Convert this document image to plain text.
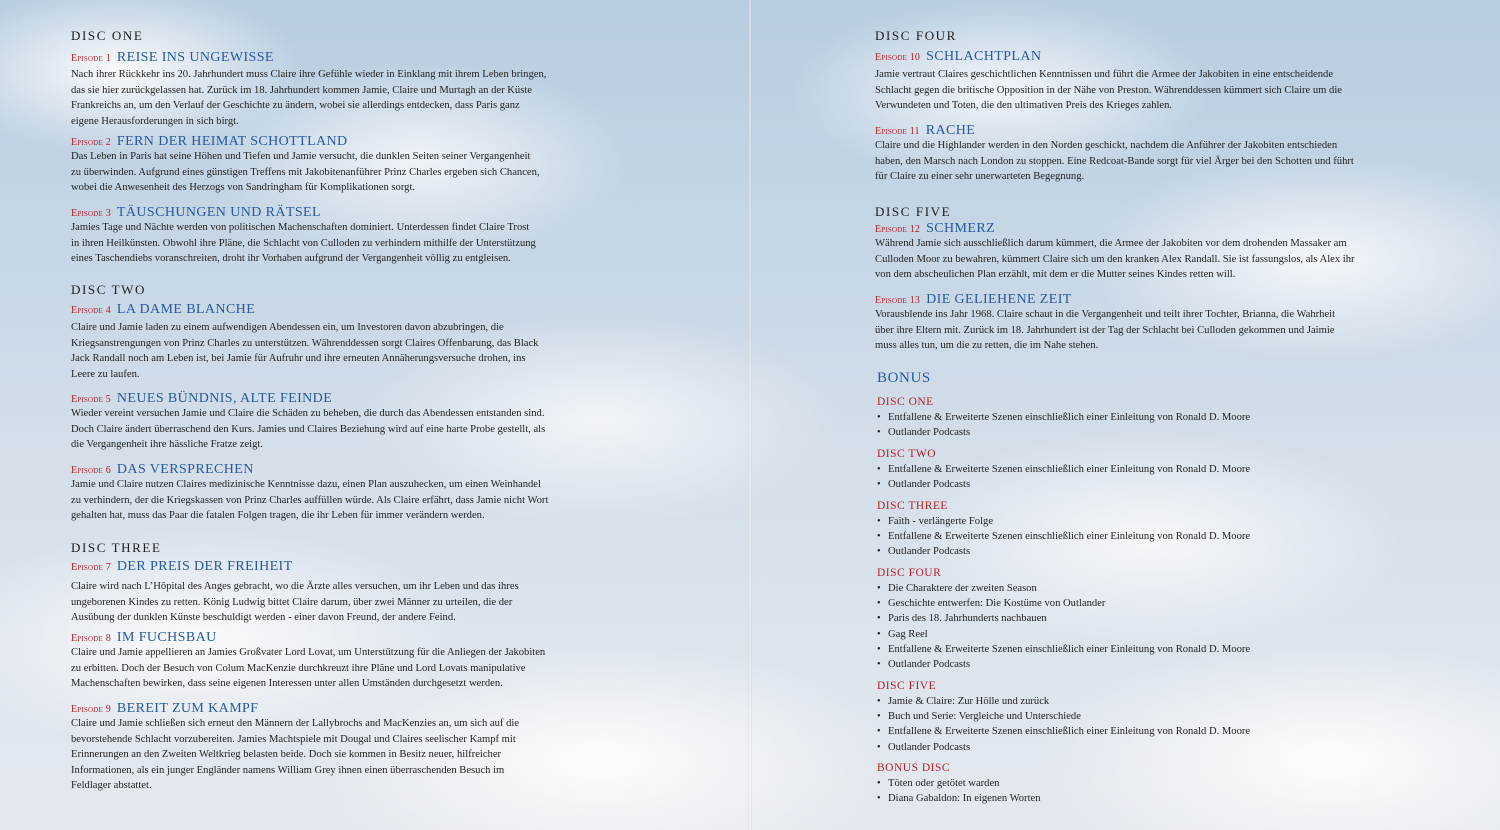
DISC ONE
Episode 1 REISE INS UNGEWISSE
Nach ihrer Rückkehr ins 20. Jahrhundert muss Claire ihre Gefühle wieder in Einklang mit ihrem Leben bringen,
das sie hier zurückgelassen hat. Zurück im 18. Jahrhundert kommen Jamie, Claire und Murtagh an der Küste
Frankreichs an, um den Verlauf der Geschichte zu ändern, wobei sie allerdings entdecken, dass Paris ganz
eigene Herausforderungen in sich birgt.
Episode 2 FERN DER HEIMAT SCHOTTLAND
Das Leben in Paris hat seine Höhen und Tiefen und Jamie versucht, die dunklen Seiten seiner Vergangenheit
zu überwinden. Aufgrund eines günstigen Treffens mit Jakobitenanführer Prinz Charles ergeben sich Chancen,
wobei die Anwesenheit des Herzogs von Sandringham für Komplikationen sorgt.
Episode 3 TÄUSCHUNGEN UND RÄTSEL
Jamies Tage und Nächte werden von politischen Machenschaften dominiert. Unterdessen findet Claire Trost
in ihren Heilkünsten. Obwohl ihre Pläne, die Schlacht von Culloden zu verhindern mithilfe der Unterstützung
eines Taschendiebs voranschreiten, droht ihr Vorhaben aufgrund der Vergangenheit völlig zu entgleisen.
DISC TWO
Episode 4 LA DAME BLANCHE
Claire und Jamie laden zu einem aufwendigen Abendessen ein, um Investoren davon abzubringen, die
Kriegsanstrengungen von Prinz Charles zu unterstützen. Währenddessen sorgt Claires Offenbarung, das Black
Jack Randall noch am Leben ist, bei Jamie für Aufruhr und ihre erneuten Annäherungsversuche drohen, ins
Leere zu laufen.
Episode 5 NEUES BÜNDNIS, ALTE FEINDE
Wieder vereint versuchen Jamie und Claire die Schäden zu beheben, die durch das Abendessen entstanden sind.
Doch Claire ändert überraschend den Kurs. Jamies und Claires Beziehung wird auf eine harte Probe gestellt, als
die Vergangenheit ihre hässliche Fratze zeigt.
Episode 6 DAS VERSPRECHEN
Jamie und Claire nutzen Claires medizinische Kenntnisse dazu, einen Plan auszuhecken, um einen Weinhandel
zu verhindern, der die Kriegskassen von Prinz Charles auffüllen würde. Als Claire erfährt, dass Jamie nicht Wort
gehalten hat, muss das Paar die fatalen Folgen tragen, die ihr Leben für immer verändern werden.
DISC THREE
Episode 7 DER PREIS DER FREIHEIT
Claire wird nach L’Hôpital des Anges gebracht, wo die Ärzte alles versuchen, um ihr Leben und das ihres
ungeborenen Kindes zu retten. König Ludwig bittet Claire darum, über zwei Männer zu urteilen, die der
Ausübung der dunklen Künste beschuldigt werden - einer davon Freund, der andere Feind.
Episode 8 IM FUCHSBAU
Claire und Jamie appellieren an Jamies Großvater Lord Lovat, um Unterstützung für die Anliegen der Jakobiten
zu erbitten. Doch der Besuch von Colum MacKenzie durchkreuzt ihre Pläne und Lord Lovats manipulative
Machenschaften bewirken, dass seine eigenen Interessen unter allen Umständen durchgesetzt werden.
Episode 9 BEREIT ZUM KAMPF
Claire und Jamie schließen sich erneut den Männern der Lallybrochs and MacKenzies an, um sich auf die
bevorstehende Schlacht vorzubereiten. Jamies Machtspiele mit Dougal und Claires seelischer Kampf mit
Erinnerungen an den Zweiten Weltkrieg belasten beide. Doch sie kommen in Besitz neuer, hilfreicher
Informationen, als ein junger Engländer namens William Grey ihnen einen überraschenden Besuch im
Feldlager abstattet.
DISC FOUR
Episode 10 SCHLACHTPLAN
Jamie vertraut Claires geschichtlichen Kenntnissen und führt die Armee der Jakobiten in eine entscheidende
Schlacht gegen die britische Opposition in der Nähe von Preston. Währenddessen kümmert sich Claire um die
Verwundeten und Toten, die den ultimativen Preis des Krieges zahlen.
Episode 11 RACHE
Claire und die Highlander werden in den Norden geschickt, nachdem die Anführer der Jakobiten entschieden
haben, den Marsch nach London zu stoppen. Eine Redcoat-Bande sorgt für viel Ärger bei den Schotten und führt
für Claire zu einer sehr unerwarteten Begegnung.
DISC FIVE
Episode 12 SCHMERZ
Während Jamie sich ausschließlich darum kümmert, die Armee der Jakobiten vor dem drohenden Massaker am
Culloden Moor zu bewahren, kümmert Claire sich um den kranken Alex Randall. Sie ist fassungslos, als Alex ihr
von dem abscheulichen Plan erzählt, mit dem er die Mutter seines Kindes retten will.
Episode 13 DIE GELIEHENE ZEIT
Vorausblende ins Jahr 1968. Claire schaut in die Vergangenheit und teilt ihrer Tochter, Brianna, die Wahrheit
über ihre Eltern mit. Zurück im 18. Jahrhundert ist der Tag der Schlacht bei Culloden gekommen und Jaimie
muss alles tun, um die zu retten, die im Nahe stehen.
BONUS
DISC ONE
• Entfallene & Erweiterte Szenen einschließlich einer Einleitung von Ronald D. Moore
• Outlander Podcasts
DISC TWO
• Entfallene & Erweiterte Szenen einschließlich einer Einleitung von Ronald D. Moore
• Outlander Podcasts
DISC THREE
• Faith - verlängerte Folge
• Entfallene & Erweiterte Szenen einschließlich einer Einleitung von Ronald D. Moore
• Outlander Podcasts
DISC FOUR
• Die Charaktere der zweiten Season
• Geschichte entwerfen: Die Kostüme von Outlander
• Paris des 18. Jahrhunderts nachbauen
• Gag Reel
• Entfallene & Erweiterte Szenen einschließlich einer Einleitung von Ronald D. Moore
• Outlander Podcasts
DISC FIVE
• Jamie & Claire: Zur Hölle und zurück
• Buch und Serie: Vergleiche und Unterschiede
• Entfallene & Erweiterte Szenen einschließlich einer Einleitung von Ronald D. Moore
• Outlander Podcasts
BONUS DISC
• Töten oder getötet warden
• Diana Gabaldon: In eigenen Worten
